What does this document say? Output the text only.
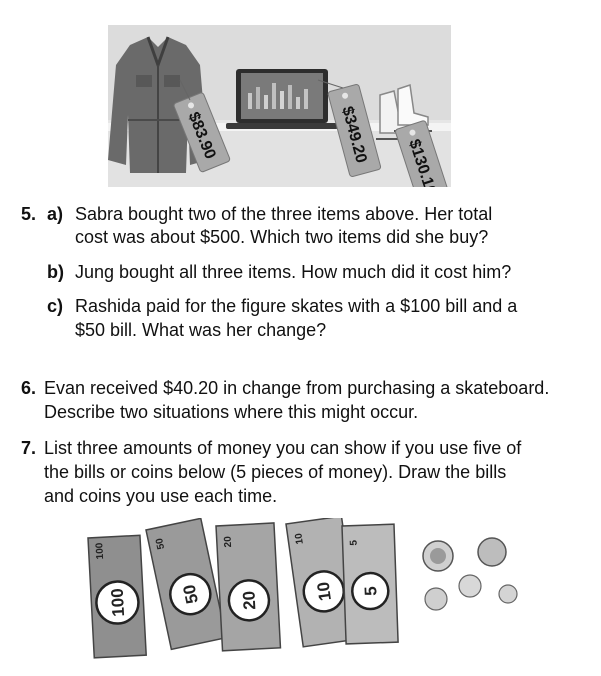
$83.90	$349.20
$130.10
5. a) Sabra bought two of the three items above. Her total
cost was about $500. Which two items did she buy?
b) Jung bought all three items. How much did it cost him?
c) Rashida paid for the figure skates with a $100 bill and a
$50 bill. What was her change?
6. Evan received $40.20 in change from purchasing a skateboard.
Describe two situations where this might occur.
7. List three amounts of money you can show if you use five of
the bills or coins below (5 pieces of money). Draw the bills
and coins you use each time.
100
100
50
50
20
20
10
10
5
5
